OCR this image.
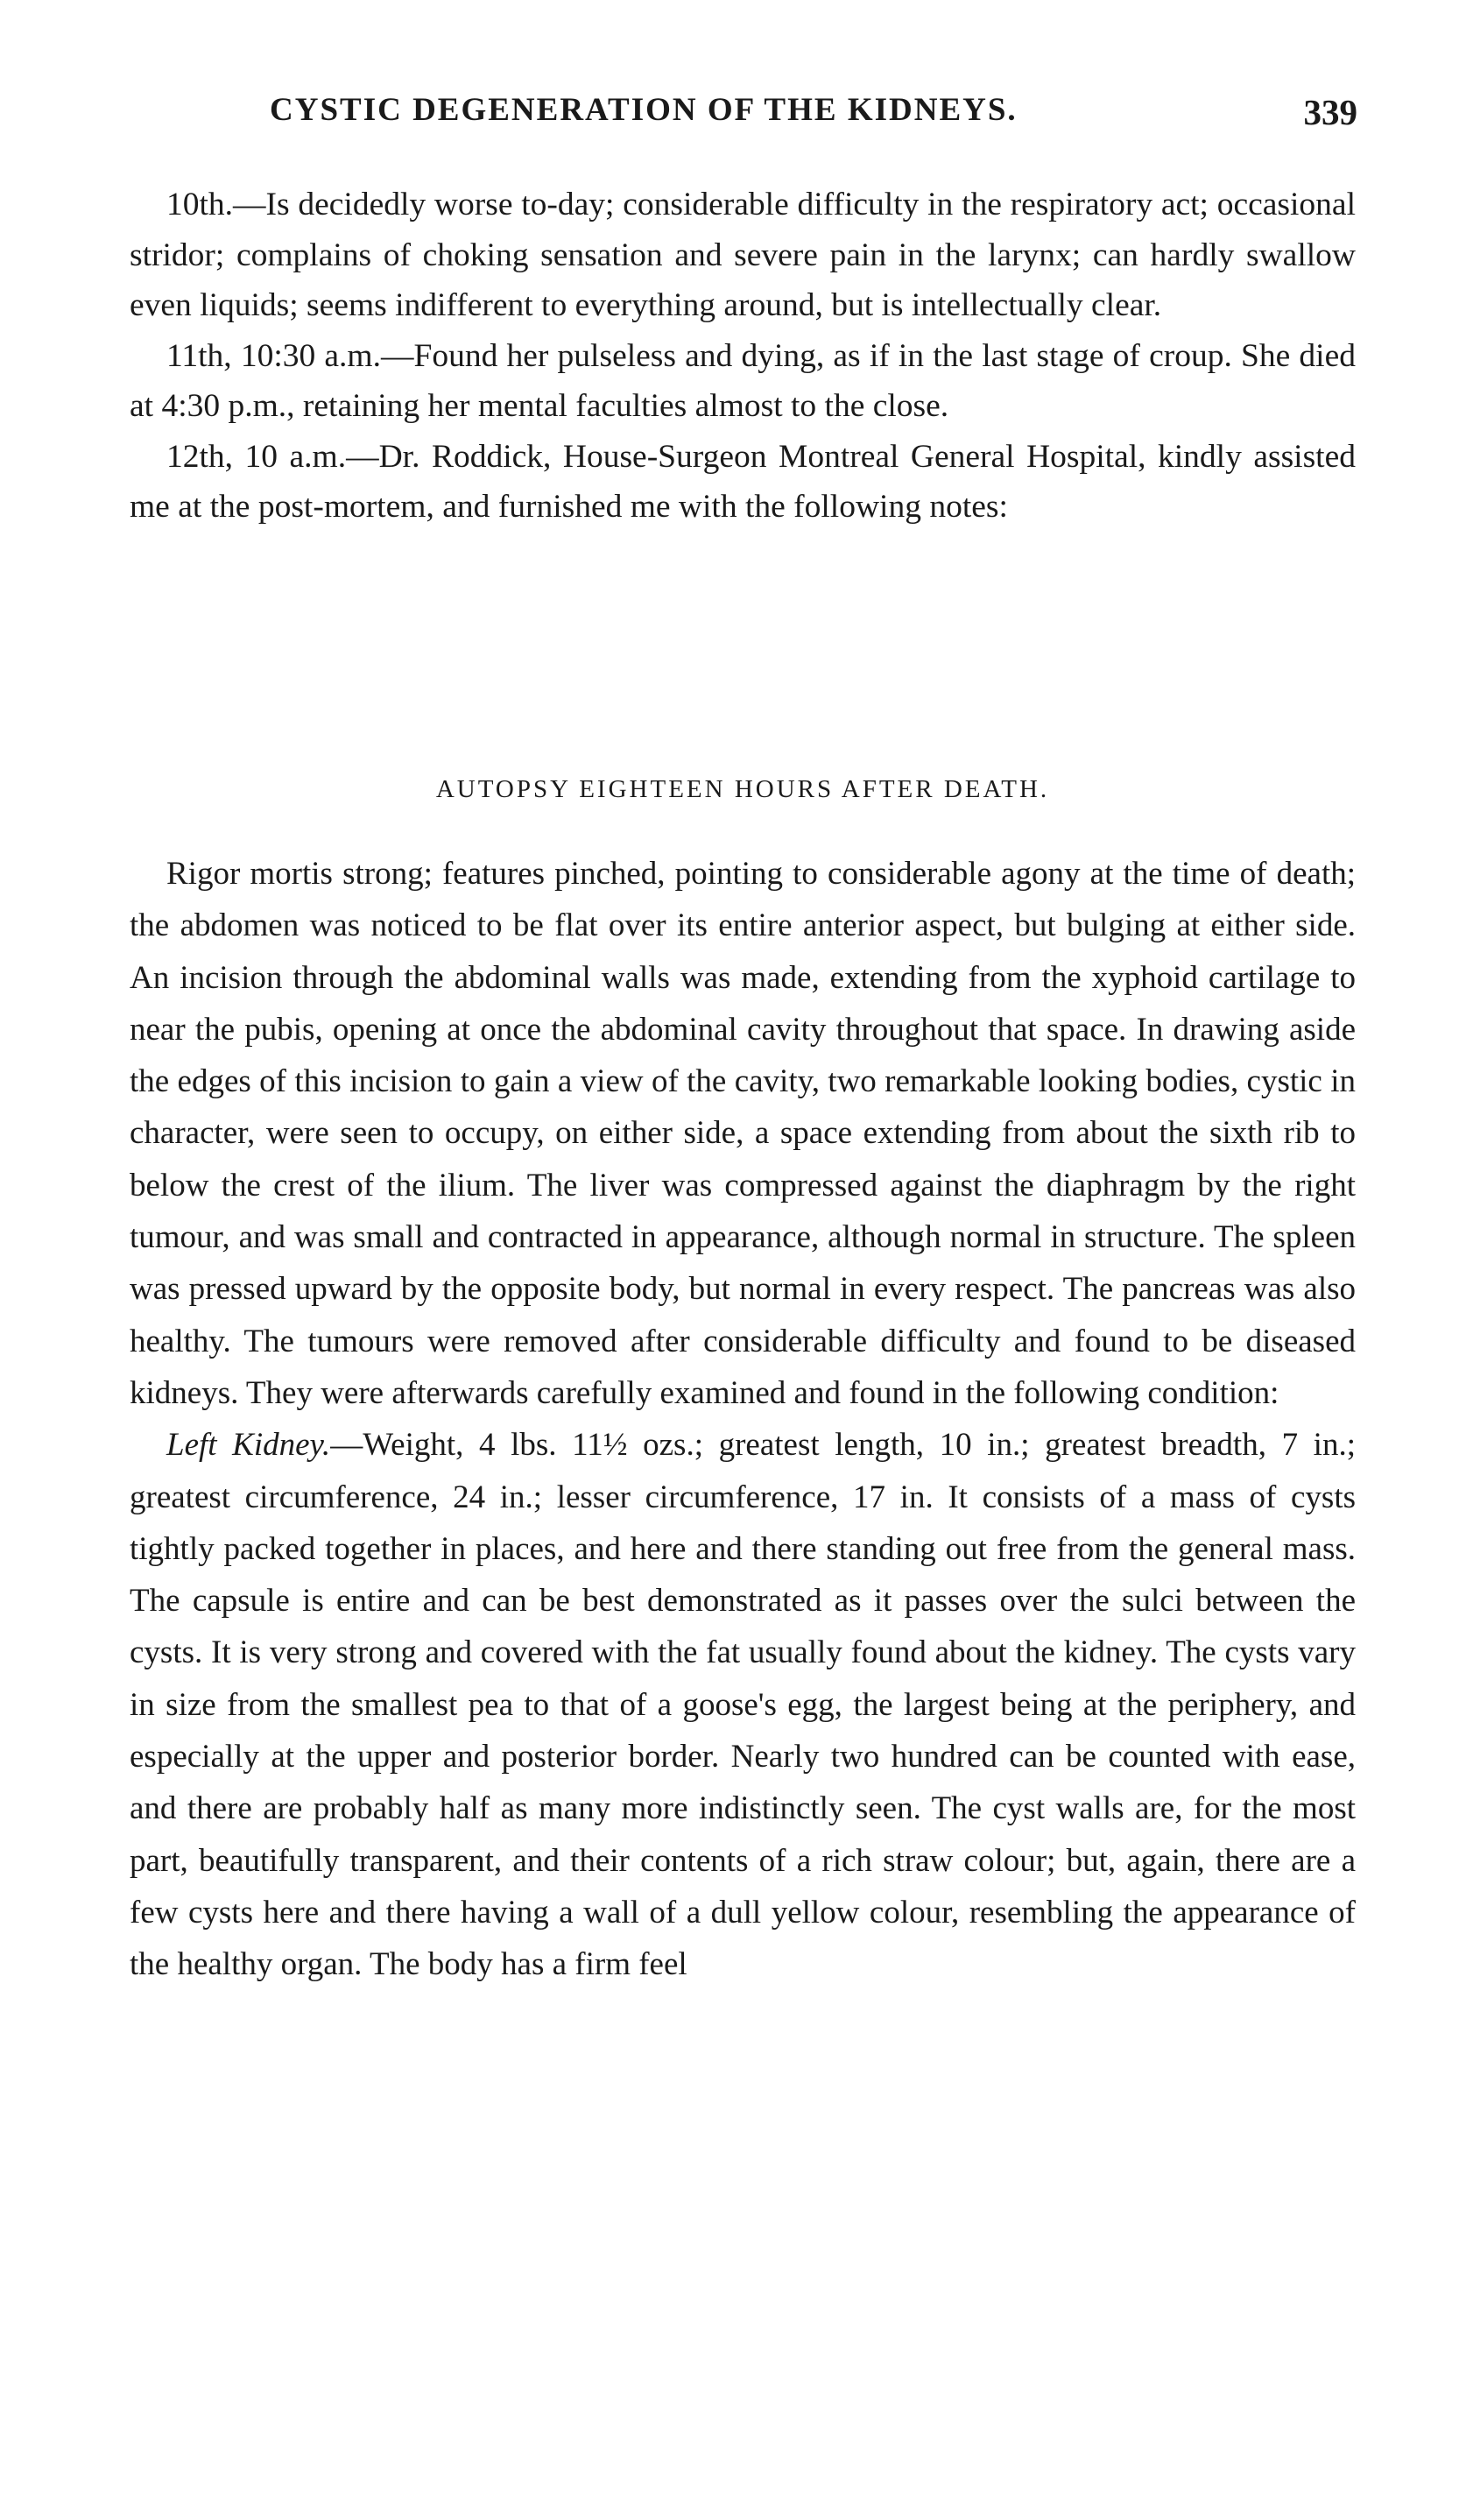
CYSTIC DEGENERATION OF THE KIDNEYS.	339

10th.—Is decidedly worse to-day; considerable difficulty in the respiratory act; occasional stridor; complains of choking sensation and severe pain in the larynx; can hardly swallow even liquids; seems indifferent to everything around, but is intellectually clear.

11th, 10:30 a.m.—Found her pulseless and dying, as if in the last stage of croup. She died at 4:30 p.m., retaining her mental faculties almost to the close.

12th, 10 a.m.—Dr. Roddick, House-Surgeon Montreal General Hospital, kindly assisted me at the post-mortem, and furnished me with the following notes:

AUTOPSY EIGHTEEN HOURS AFTER DEATH.

Rigor mortis strong; features pinched, pointing to considerable agony at the time of death; the abdomen was noticed to be flat over its entire anterior aspect, but bulging at either side. An incision through the abdominal walls was made, extending from the xyphoid cartilage to near the pubis, opening at once the abdominal cavity throughout that space. In drawing aside the edges of this incision to gain a view of the cavity, two remarkable looking bodies, cystic in character, were seen to occupy, on either side, a space extending from about the sixth rib to below the crest of the ilium. The liver was compressed against the diaphragm by the right tumour, and was small and contracted in appearance, although normal in structure. The spleen was pressed upward by the opposite body, but normal in every respect. The pancreas was also healthy. The tumours were removed after considerable difficulty and found to be diseased kidneys. They were afterwards carefully examined and found in the following condition:

Left Kidney.—Weight, 4 lbs. 11½ ozs.; greatest length, 10 in.; greatest breadth, 7 in.; greatest circumference, 24 in.; lesser circumference, 17 in. It consists of a mass of cysts tightly packed together in places, and here and there standing out free from the general mass. The capsule is entire and can be best demonstrated as it passes over the sulci between the cysts. It is very strong and covered with the fat usually found about the kidney. The cysts vary in size from the smallest pea to that of a goose's egg, the largest being at the periphery, and especially at the upper and posterior border. Nearly two hundred can be counted with ease, and there are probably half as many more indistinctly seen. The cyst walls are, for the most part, beautifully transparent, and their contents of a rich straw colour; but, again, there are a few cysts here and there having a wall of a dull yellow colour, resembling the appearance of the healthy organ. The body has a firm feel
